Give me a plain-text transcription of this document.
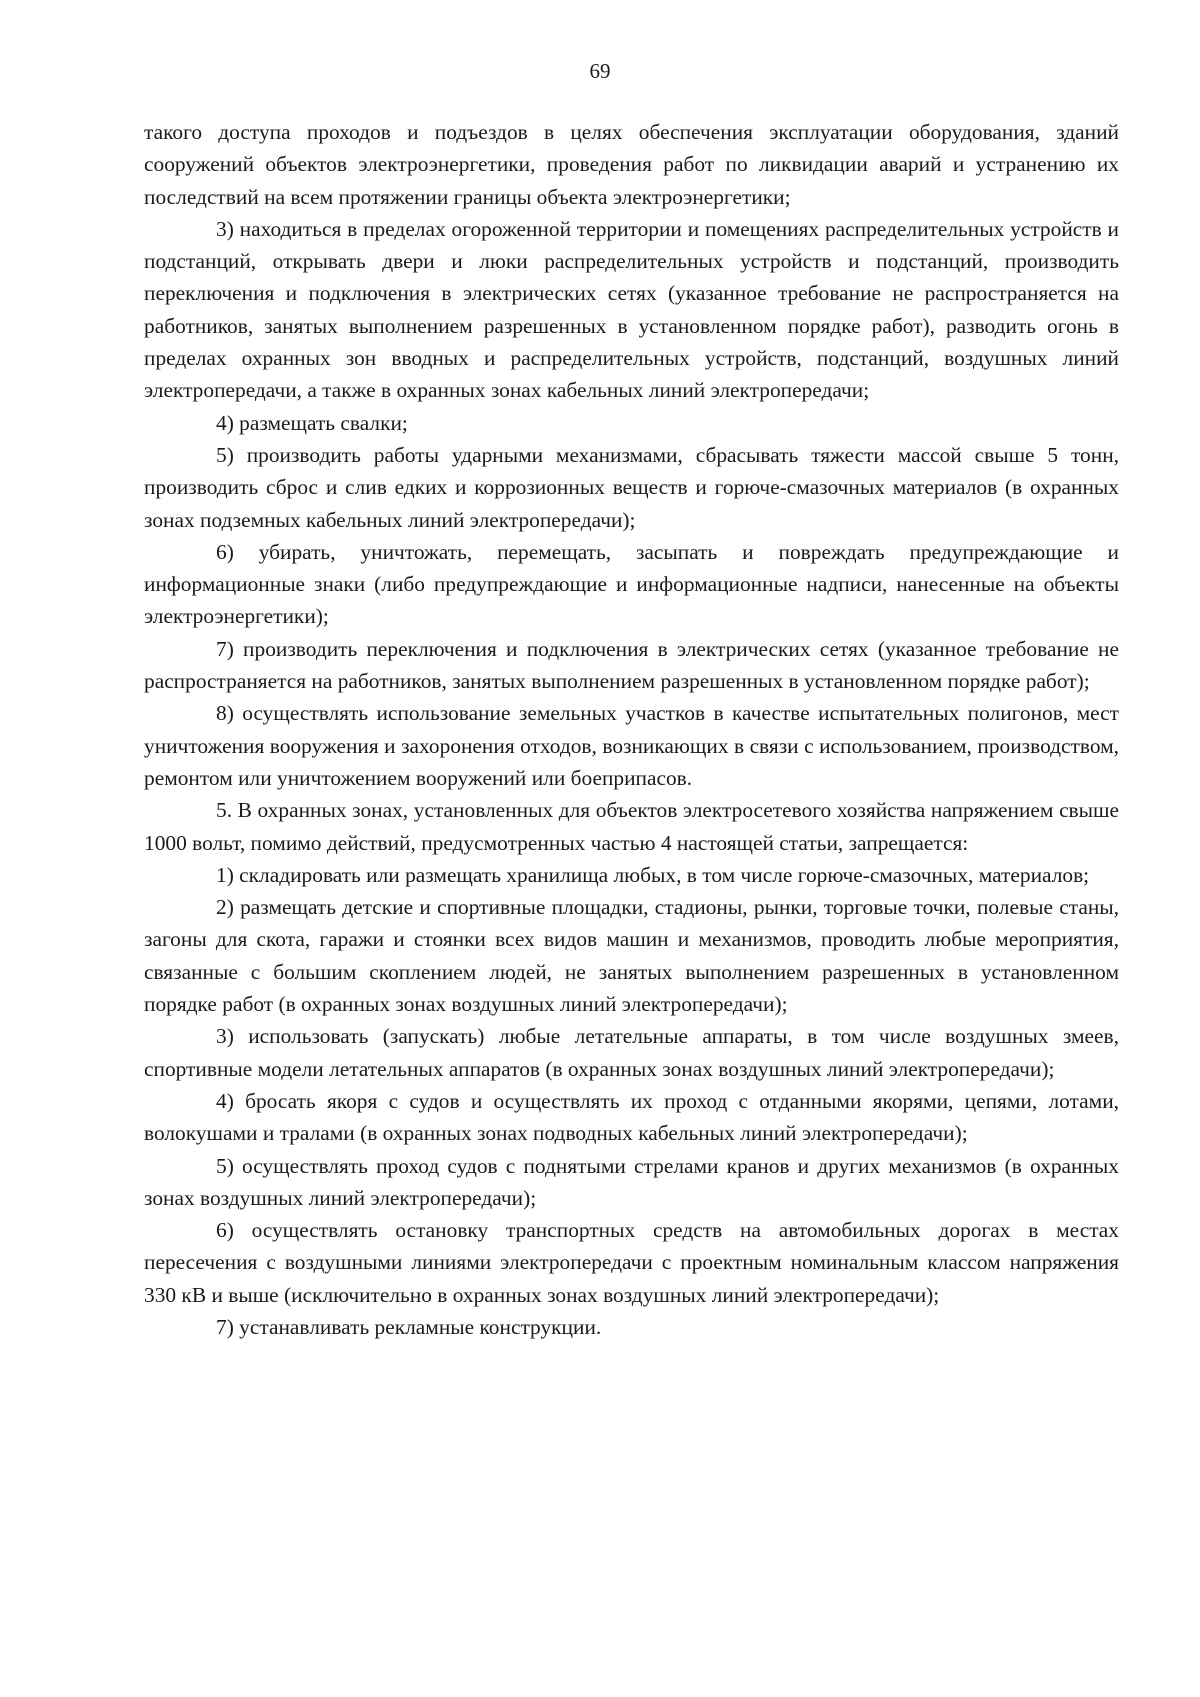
69

такого доступа проходов и подъездов в целях обеспечения эксплуатации оборудования, зданий сооружений объектов электроэнергетики, проведения работ по ликвидации аварий и устранению их последствий на всем протяжении границы объекта электроэнергетики;

3) находиться в пределах огороженной территории и помещениях распределительных устройств и подстанций, открывать двери и люки распределительных устройств и подстанций, производить переключения и подключения в электрических сетях (указанное требование не распространяется на работников, занятых выполнением разрешенных в установленном порядке работ), разводить огонь в пределах охранных зон вводных и распределительных устройств, подстанций, воздушных линий электропередачи, а также в охранных зонах кабельных линий электропередачи;

4) размещать свалки;

5) производить работы ударными механизмами, сбрасывать тяжести массой свыше 5 тонн, производить сброс и слив едких и коррозионных веществ и горюче-смазочных материалов (в охранных зонах подземных кабельных линий электропередачи);

6) убирать, уничтожать, перемещать, засыпать и повреждать предупреждающие и информационные знаки (либо предупреждающие и информационные надписи, нанесенные на объекты электроэнергетики);

7) производить переключения и подключения в электрических сетях (указанное требование не распространяется на работников, занятых выполнением разрешенных в установленном порядке работ);

8) осуществлять использование земельных участков в качестве испытательных полигонов, мест уничтожения вооружения и захоронения отходов, возникающих в связи с использованием, производством, ремонтом или уничтожением вооружений или боеприпасов.

5. В охранных зонах, установленных для объектов электросетевого хозяйства напряжением свыше 1000 вольт, помимо действий, предусмотренных частью 4 настоящей статьи, запрещается:

1) складировать или размещать хранилища любых, в том числе горюче-смазочных, материалов;

2) размещать детские и спортивные площадки, стадионы, рынки, торговые точки, полевые станы, загоны для скота, гаражи и стоянки всех видов машин и механизмов, проводить любые мероприятия, связанные с большим скоплением людей, не занятых выполнением разрешенных в установленном порядке работ (в охранных зонах воздушных линий электропередачи);

3) использовать (запускать) любые летательные аппараты, в том числе воздушных змеев, спортивные модели летательных аппаратов (в охранных зонах воздушных линий электропередачи);

4) бросать якоря с судов и осуществлять их проход с отданными якорями, цепями, лотами, волокушами и тралами (в охранных зонах подводных кабельных линий электропередачи);

5) осуществлять проход судов с поднятыми стрелами кранов и других механизмов (в охранных зонах воздушных линий электропередачи);

6) осуществлять остановку транспортных средств на автомобильных дорогах в местах пересечения с воздушными линиями электропередачи с проектным номинальным классом напряжения 330 кВ и выше (исключительно в охранных зонах воздушных линий электропередачи);

7) устанавливать рекламные конструкции.
